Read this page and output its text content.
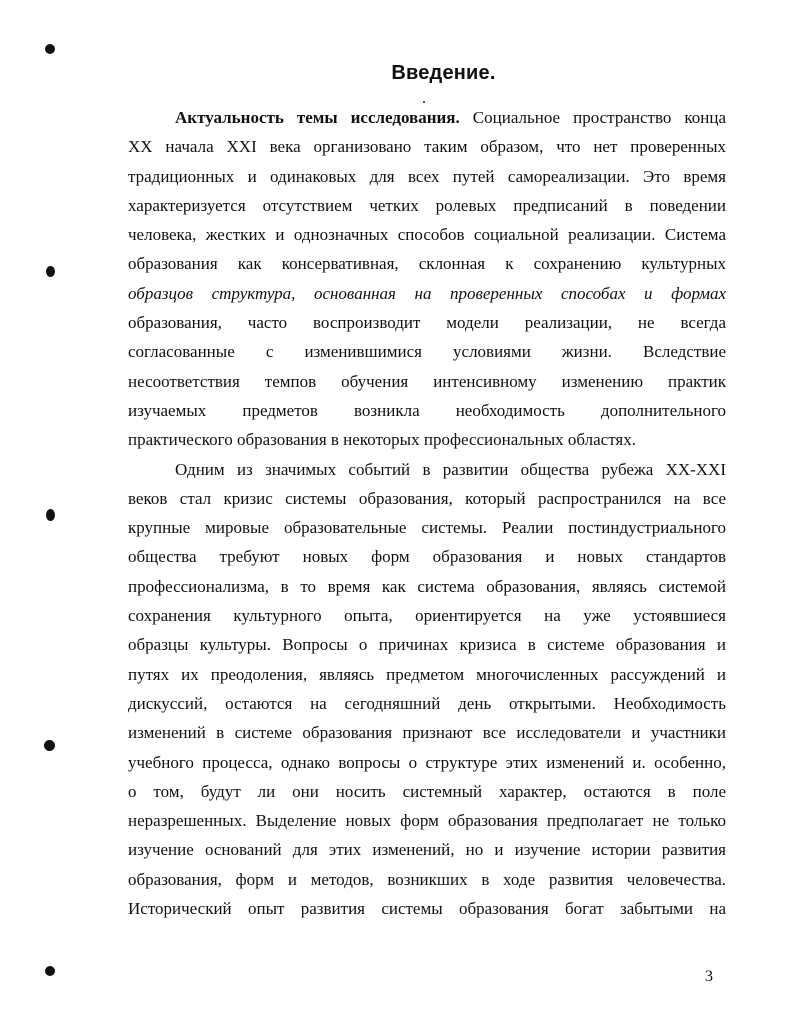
Введение.
Актуальность темы исследования. Социальное пространство конца
XX начала XXI века организовано таким образом, что нет проверенных
традиционных и одинаковых для всех путей самореализации. Это время
характеризуется отсутствием четких ролевых предписаний в поведении
человека, жестких и однозначных способов социальной реализации. Система
образования как консервативная, склонная к сохранению культурных
образцов структура, основанная на проверенных способах и формах
образования, часто воспроизводит модели реализации, не всегда
согласованные с изменившимися условиями жизни. Вследствие
несоответствия темпов обучения интенсивному изменению практик
изучаемых предметов возникла необходимость дополнительного
практического образования в некоторых профессиональных областях.
Одним из значимых событий в развитии общества рубежа XX-XXI
веков стал кризис системы образования, который распространился на все
крупные мировые образовательные системы. Реалии постиндустриального
общества требуют новых форм образования и новых стандартов
профессионализма, в то время как система образования, являясь системой
сохранения культурного опыта, ориентируется на уже устоявшиеся
образцы культуры. Вопросы о причинах кризиса в системе образования и
путях их преодоления, являясь предметом многочисленных рассуждений и
дискуссий, остаются на сегодняшний день открытыми. Необходимость
изменений в системе образования признают все исследователи и участники
учебного процесса, однако вопросы о структуре этих изменений и. особенно,
о том, будут ли они носить системный характер, остаются в поле
неразрешенных. Выделение новых форм образования предполагает не только
изучение оснований для этих изменений, но и изучение истории развития
образования, форм и методов, возникших в ходе развития человечества.
Исторический опыт развития системы образования богат забытыми на
3
